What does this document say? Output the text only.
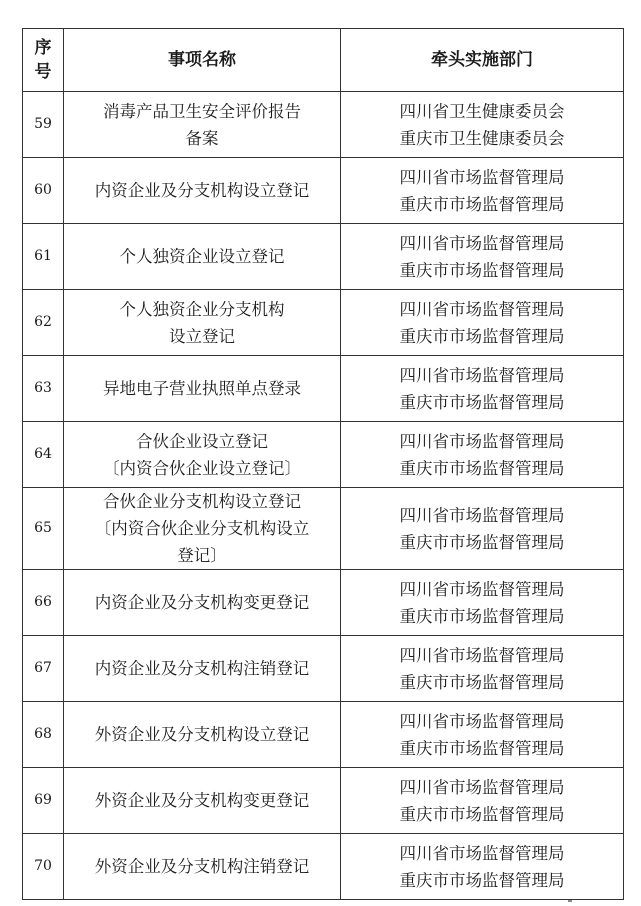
序
号	事项名称	牵头实施部门
59	消毒产品卫生安全评价报告
备案	四川省卫生健康委员会
重庆市卫生健康委员会

60	内资企业及分支机构设立登记	四川省市场监督管理局
重庆市市场监督管理局

61	个人独资企业设立登记	四川省市场监督管理局
重庆市市场监督管理局

62	个人独资企业分支机构
设立登记	四川省市场监督管理局
重庆市市场监督管理局

63	异地电子营业执照单点登录	四川省市场监督管理局
重庆市市场监督管理局

64	合伙企业设立登记
〔内资合伙企业设立登记〕	四川省市场监督管理局
重庆市市场监督管理局

65	合伙企业分支机构设立登记
〔内资合伙企业分支机构设立
登记〕	四川省市场监督管理局
重庆市市场监督管理局

66	内资企业及分支机构变更登记	四川省市场监督管理局
重庆市市场监督管理局

67	内资企业及分支机构注销登记	四川省市场监督管理局
重庆市市场监督管理局

68	外资企业及分支机构设立登记	四川省市场监督管理局
重庆市市场监督管理局

69	外资企业及分支机构变更登记	四川省市场监督管理局
重庆市市场监督管理局

70	外资企业及分支机构注销登记	四川省市场监督管理局
重庆市市场监督管理局
